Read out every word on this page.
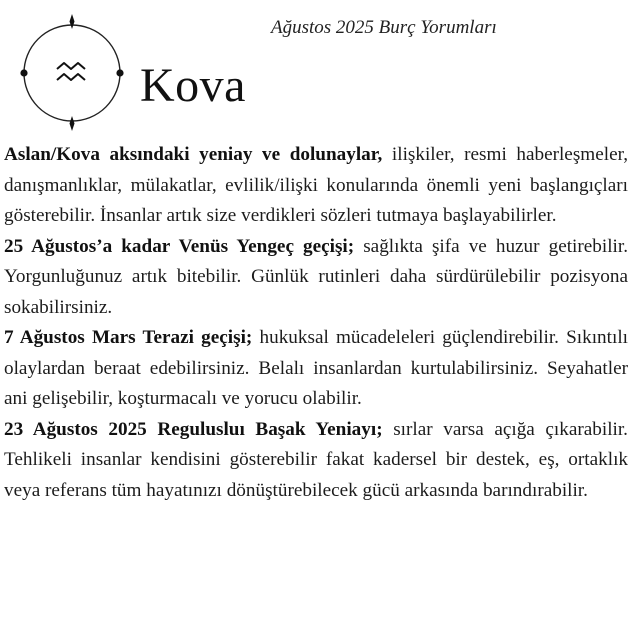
Ağustos 2025 Burç Yorumları
Kova

Aslan/Kova aksındaki yeniay ve dolunaylar, ilişkiler, resmi haberleşmeler, danışmanlıklar, mülakatlar, evlilik/ilişki konularında önemli yeni başlangıçları gösterebilir. İnsanlar artık size verdikleri sözleri tutmaya başlayabilirler.

25 Ağustos’a kadar Venüs Yengeç geçişi; sağlıkta şifa ve huzur getirebilir. Yorgunluğunuz artık bitebilir. Günlük rutinleri daha sürdürülebilir pozisyona sokabilirsiniz.

7 Ağustos Mars Terazi geçişi; hukuksal mücadeleleri güçlendirebilir. Sıkıntılı olaylardan beraat edebilirsiniz. Belalı insanlardan kurtulabilirsiniz. Seyahatler ani gelişebilir, koşturmacalı ve yorucu olabilir.

23 Ağustos 2025 Regulusluı Başak Yeniayı; sırlar varsa açığa çıkarabilir. Tehlikeli insanlar kendisini gösterebilir fakat kadersel bir destek, eş, ortaklık veya referans tüm hayatınızı dönüştürebilecek gücü arkasında barındırabilir.
